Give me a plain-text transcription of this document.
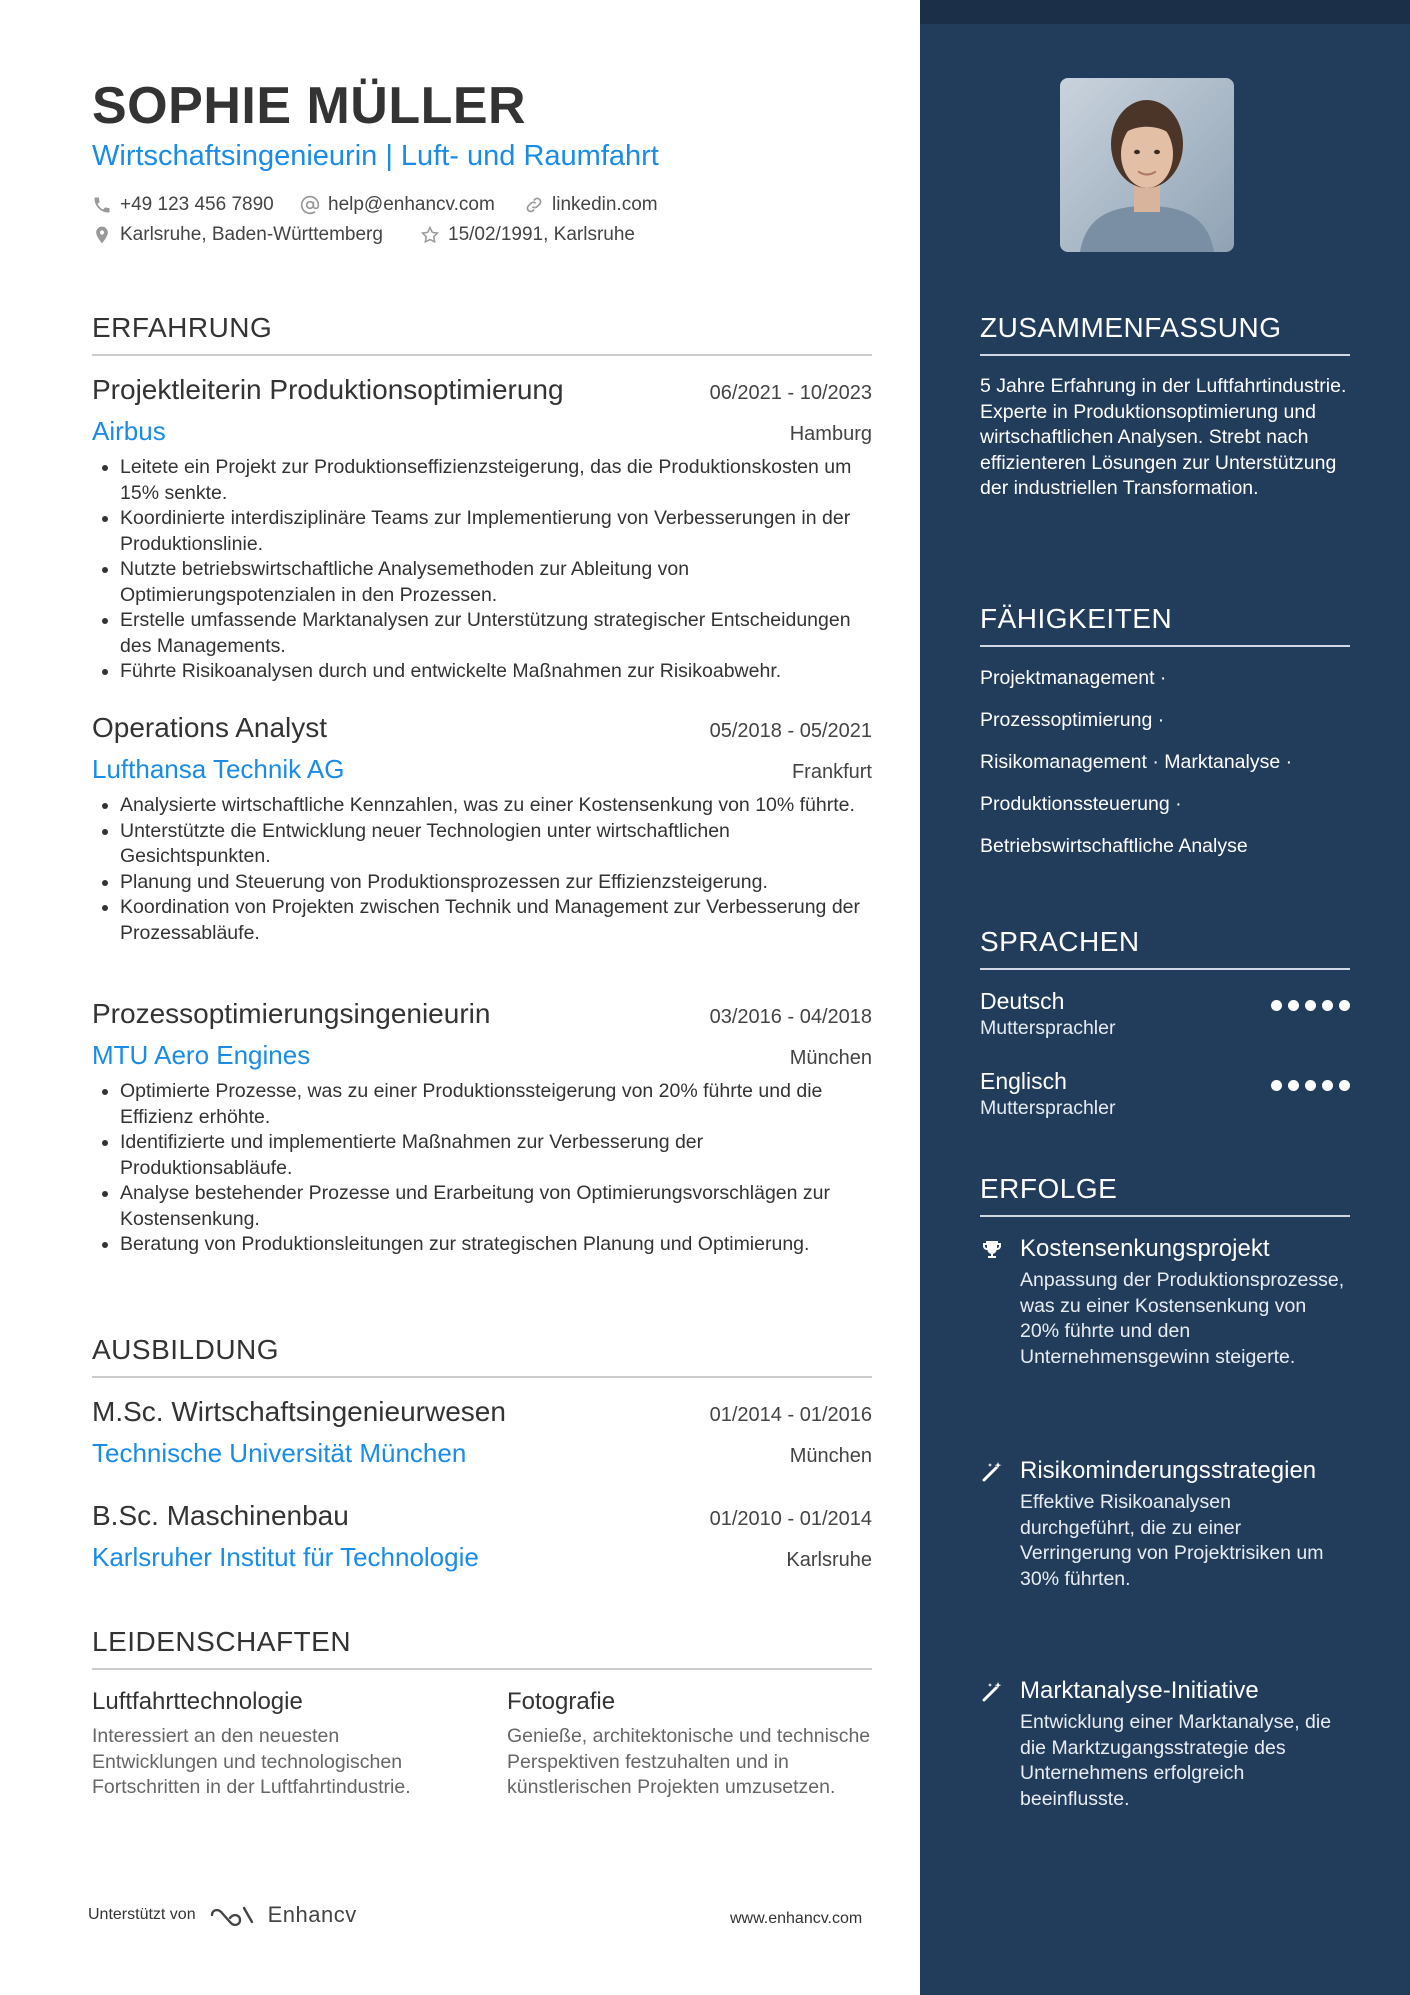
SOPHIE MÜLLER
Wirtschaftsingenieurin | Luft- und Raumfahrt
+49 123 456 7890	help@enhancv.com	linkedin.com
Karlsruhe, Baden-Württemberg	15/02/1991, Karlsruhe
ERFAHRUNG
Projektleiterin Produktionsoptimierung	06/2021 - 10/2023
Airbus	Hamburg
• Leitete ein Projekt zur Produktionseffizienzsteigerung, das die Produktionskosten um 15% senkte.
• Koordinierte interdisziplinäre Teams zur Implementierung von Verbesserungen in der Produktionslinie.
• Nutzte betriebswirtschaftliche Analysemethoden zur Ableitung von Optimierungspotenzialen in den Prozessen.
• Erstelle umfassende Marktanalysen zur Unterstützung strategischer Entscheidungen des Managements.
• Führte Risikoanalysen durch und entwickelte Maßnahmen zur Risikoabwehr.
Operations Analyst	05/2018 - 05/2021
Lufthansa Technik AG	Frankfurt
• Analysierte wirtschaftliche Kennzahlen, was zu einer Kostensenkung von 10% führte.
• Unterstützte die Entwicklung neuer Technologien unter wirtschaftlichen Gesichtspunkten.
• Planung und Steuerung von Produktionsprozessen zur Effizienzsteigerung.
• Koordination von Projekten zwischen Technik und Management zur Verbesserung der Prozessabläufe.
Prozessoptimierungsingenieurin	03/2016 - 04/2018
MTU Aero Engines	München
• Optimierte Prozesse, was zu einer Produktionssteigerung von 20% führte und die Effizienz erhöhte.
• Identifizierte und implementierte Maßnahmen zur Verbesserung der Produktionsabläufe.
• Analyse bestehender Prozesse und Erarbeitung von Optimierungsvorschlägen zur Kostensenkung.
• Beratung von Produktionsleitungen zur strategischen Planung und Optimierung.
AUSBILDUNG
M.Sc. Wirtschaftsingenieurwesen	01/2014 - 01/2016
Technische Universität München	München
B.Sc. Maschinenbau	01/2010 - 01/2014
Karlsruher Institut für Technologie	Karlsruhe
LEIDENSCHAFTEN
Luftfahrttechnologie
Interessiert an den neuesten Entwicklungen und technologischen Fortschritten in der Luftfahrtindustrie.
Fotografie
Genieße, architektonische und technische Perspektiven festzuhalten und in künstlerischen Projekten umzusetzen.
Unterstützt von	Enhancv	www.enhancv.com
ZUSAMMENFASSUNG
5 Jahre Erfahrung in der Luftfahrtindustrie. Experte in Produktionsoptimierung und wirtschaftlichen Analysen. Strebt nach effizienteren Lösungen zur Unterstützung der industriellen Transformation.
FÄHIGKEITEN
Projektmanagement ·
Prozessoptimierung ·
Risikomanagement · Marktanalyse ·
Produktionssteuerung ·
Betriebswirtschaftliche Analyse
SPRACHEN
Deutsch
Muttersprachler
Englisch
Muttersprachler
ERFOLGE
Kostensenkungsprojekt
Anpassung der Produktionsprozesse, was zu einer Kostensenkung von 20% führte und den Unternehmensgewinn steigerte.
Risikominderungsstrategien
Effektive Risikoanalysen durchgeführt, die zu einer Verringerung von Projektrisiken um 30% führten.
Marktanalyse-Initiative
Entwicklung einer Marktanalyse, die die Marktzugangsstrategie des Unternehmens erfolgreich beeinflusste.
